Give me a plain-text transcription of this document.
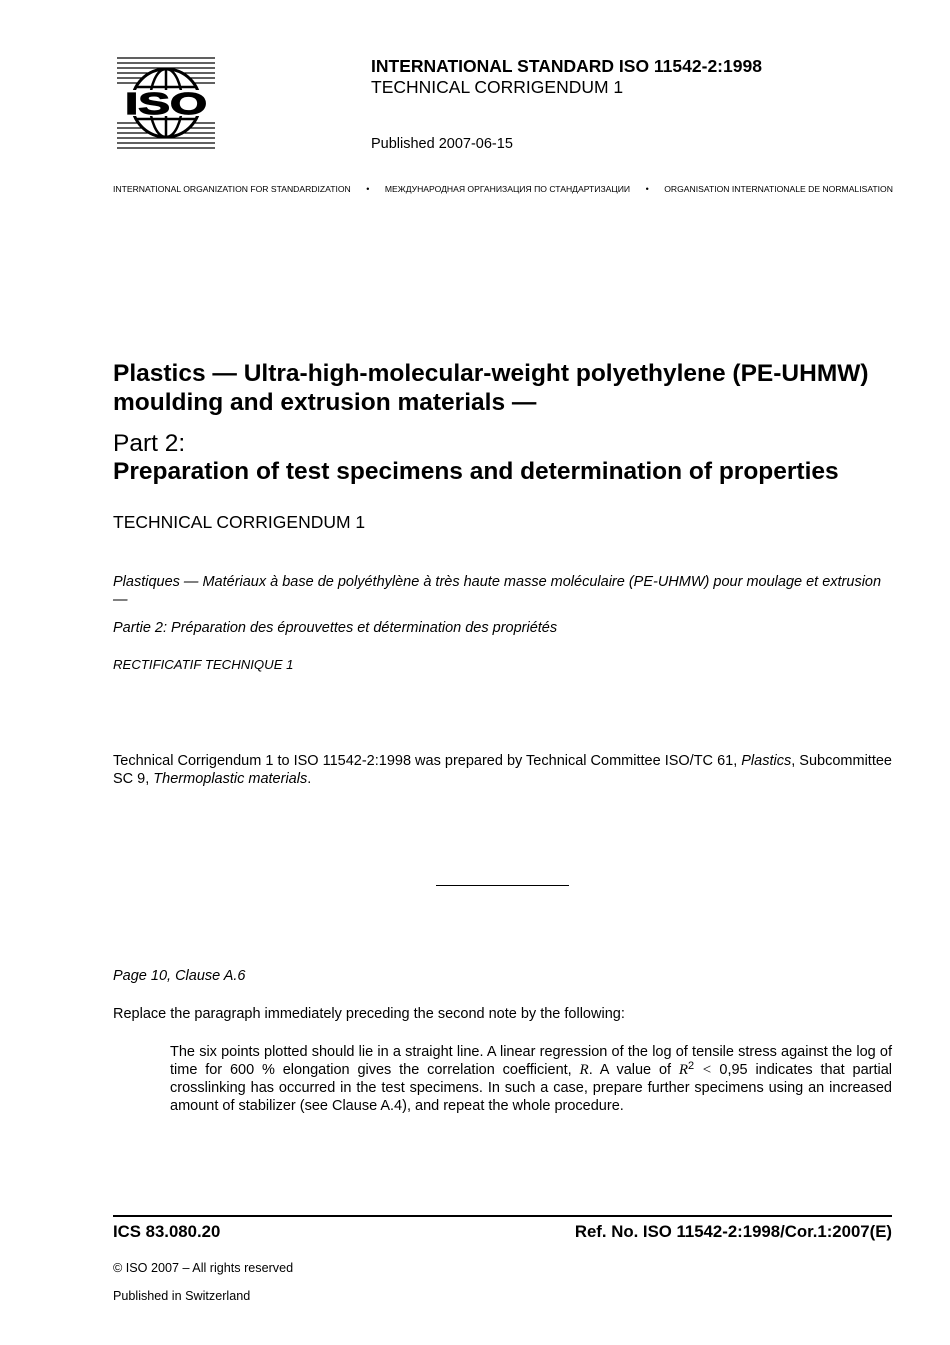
ISO
INTERNATIONAL STANDARD ISO 11542-2:1998
TECHNICAL CORRIGENDUM 1
Published 2007-06-15
INTERNATIONAL ORGANIZATION FOR STANDARDIZATION • МЕЖДУНАРОДНАЯ ОРГАНИЗАЦИЯ ПО СТАНДАРТИЗАЦИИ • ORGANISATION INTERNATIONALE DE NORMALISATION
Plastics — Ultra-high-molecular-weight polyethylene (PE-UHMW) moulding and extrusion materials —
Part 2:
Preparation of test specimens and determination of properties
TECHNICAL CORRIGENDUM 1
Plastiques — Matériaux à base de polyéthylène à très haute masse moléculaire (PE-UHMW) pour moulage et extrusion —
Partie 2: Préparation des éprouvettes et détermination des propriétés
RECTIFICATIF TECHNIQUE 1
Technical Corrigendum 1 to ISO 11542-2:1998 was prepared by Technical Committee ISO/TC 61, Plastics, Subcommittee SC 9, Thermoplastic materials.
Page 10, Clause A.6
Replace the paragraph immediately preceding the second note by the following:
The six points plotted should lie in a straight line. A linear regression of the log of tensile stress against the log of time for 600 % elongation gives the correlation coefficient, R. A value of $R^2 < 0,95$ indicates that partial crosslinking has occurred in the test specimens. In such a case, prepare further specimens using an increased amount of stabilizer (see Clause A.4), and repeat the whole procedure.
ICS 83.080.20	Ref. No. ISO 11542-2:1998/Cor.1:2007(E)
© ISO 2007 – All rights reserved
Published in Switzerland
